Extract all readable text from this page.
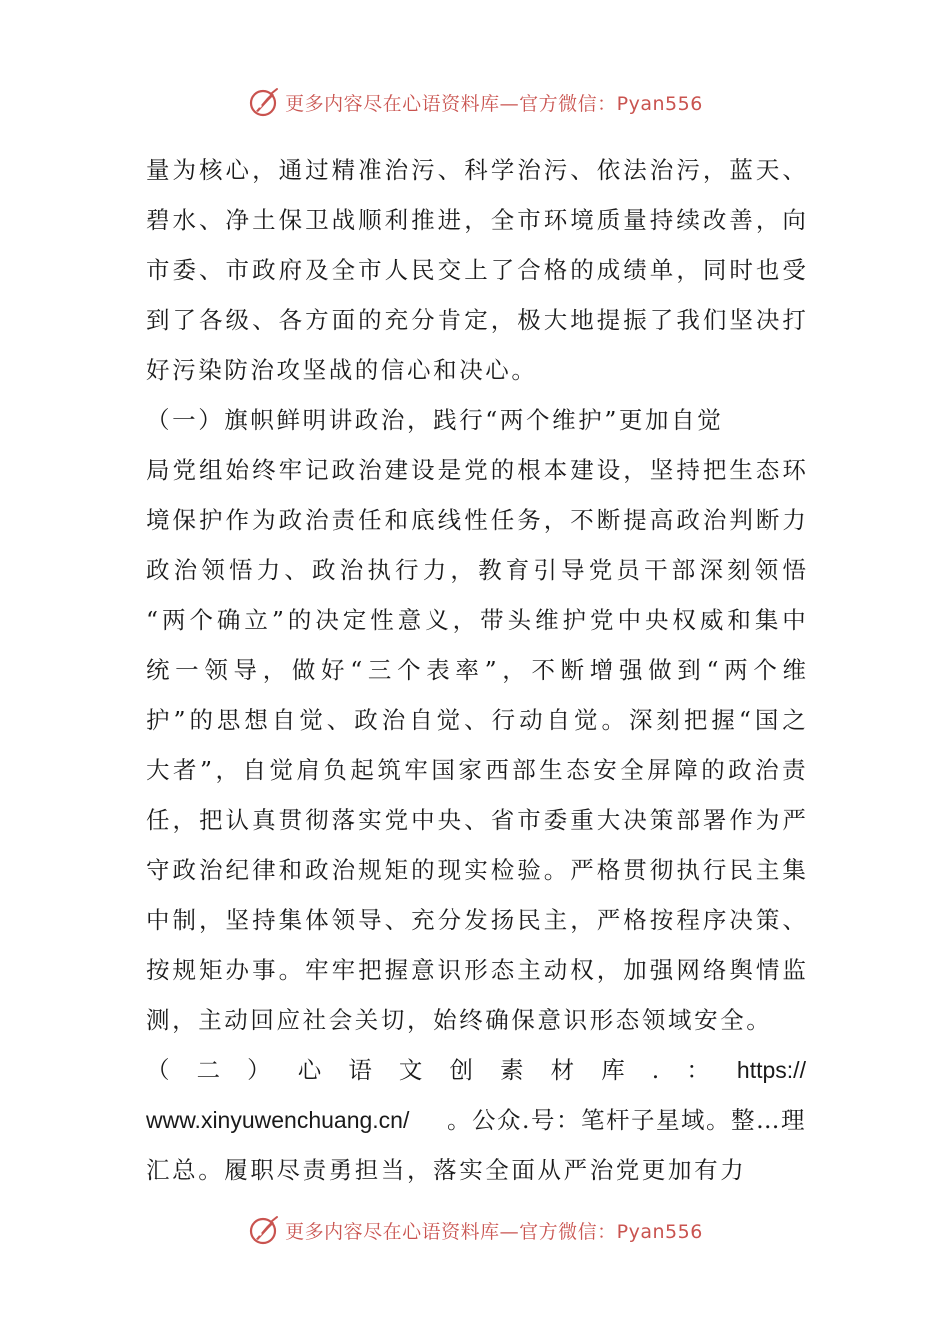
更多内容尽在心语资料库—官方微信：Pyan556
量 为 核 心 ， 通 过 精 准 治 污 、 科 学 治 污 、 依 法 治 污 ， 蓝 天 、
碧 水 、 净 土 保 卫 战 顺 利 推 进 ， 全 市 环 境 质 量 持 续 改 善 ， 向
市 委 、 市 政 府 及 全 市 人 民 交 上 了 合 格 的 成 绩 单 ， 同 时 也 受
到 了 各 级 、 各 方 面 的 充 分 肯 定 ， 极 大 地 提 振 了 我 们 坚 决 打
好污染防治攻坚战的信心和决心。
（一）旗帜鲜明讲政治，践行“两个维护”更加自觉
局 党 组 始 终 牢 记 政 治 建 设 是 党 的 根 本 建 设 ， 坚 持 把 生 态 环
境 保 护 作 为 政 治 责 任 和 底 线 性 任 务 ， 不 断 提 高 政 治 判 断 力
政 治 领 悟 力 、 政 治 执 行 力 ， 教 育 引 导 党 员 干 部 深 刻 领 悟
“ 两 个 确 立 ” 的 决 定 性 意 义 ， 带 头 维 护 党 中 央 权 威 和 集 中
统 一 领 导 ， 做 好 “ 三 个 表 率 ” ， 不 断 增 强 做 到 “ 两 个 维
护 ” 的 思 想 自 觉 、 政 治 自 觉 、 行 动 自 觉 。 深 刻 把 握 “ 国 之
大 者 ” ， 自 觉 肩 负 起 筑 牢 国 家 西 部 生 态 安 全 屏 障 的 政 治 责
任 ， 把 认 真 贯 彻 落 实 党 中 央 、 省 市 委 重 大 决 策 部 署 作 为 严
守 政 治 纪 律 和 政 治 规 矩 的 现 实 检 验 。 严 格 贯 彻 执 行 民 主 集
中 制 ， 坚 持 集 体 领 导 、 充 分 发 扬 民 主 ， 严 格 按 程 序 决 策 、
按 规 矩 办 事 。 牢 牢 把 握 意 识 形 态 主 动 权 ， 加 强 网 络 舆 情 监
测，主动回应社会关切，始终确保意识形态领域安全。
（ 二 ） 心 语 文 创 素 材 库 . ： https://
www.xinyuwenchuang.cn/ 。公众.号：笔杆子星域。整…理
汇总。履职尽责勇担当，落实全面从严治党更加有力
更多内容尽在心语资料库—官方微信：Pyan556
